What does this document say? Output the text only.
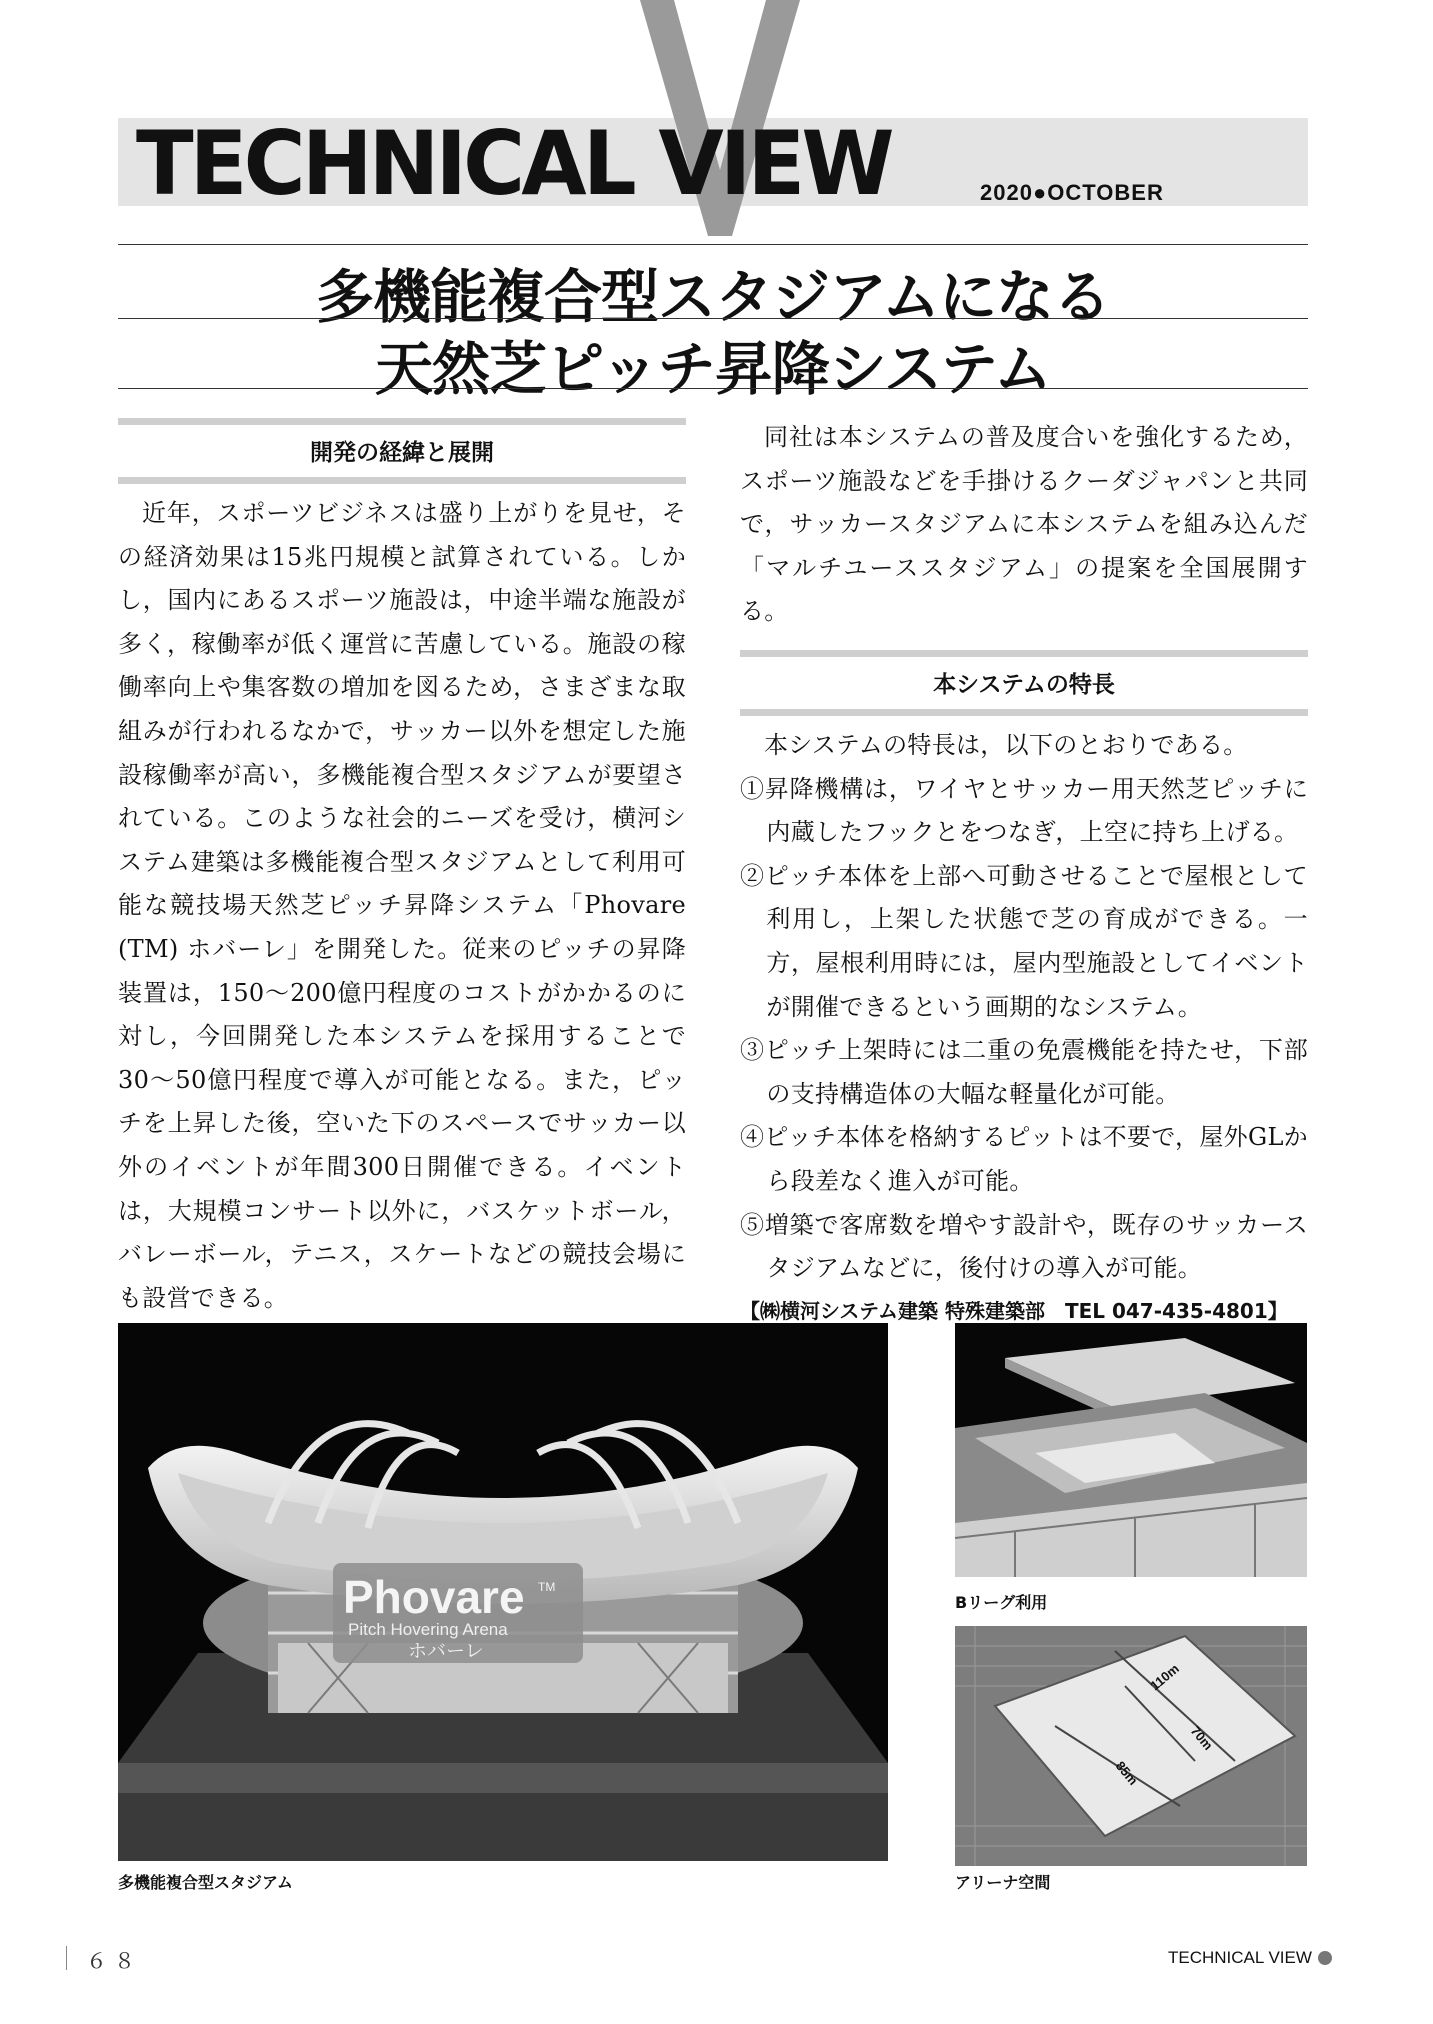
TECHNICAL VIEW	2020●OCTOBER
多機能複合型スタジアムになる
天然芝ピッチ昇降システム
開発の経緯と展開

近年，スポーツビジネスは盛り上がりを見せ，その経済効果は15兆円規模と試算されている。しかし，国内にあるスポーツ施設は，中途半端な施設が多く，稼働率が低く運営に苦慮している。施設の稼働率向上や集客数の増加を図るため，さまざまな取組みが行われるなかで，サッカー以外を想定した施設稼働率が高い，多機能複合型スタジアムが要望されている。このような社会的ニーズを受け，横河システム建築は多機能複合型スタジアムとして利用可能な競技場天然芝ピッチ昇降システム「Phovare (TM) ホバーレ」を開発した。従来のピッチの昇降装置は，150〜200億円程度のコストがかかるのに対し，今回開発した本システムを採用することで30〜50億円程度で導入が可能となる。また，ピッチを上昇した後，空いた下のスペースでサッカー以外のイベントが年間300日開催できる。イベントは，大規模コンサート以外に，バスケットボール，バレーボール，テニス，スケートなどの競技会場にも設営できる。

同社は本システムの普及度合いを強化するため，スポーツ施設などを手掛けるクーダジャパンと共同で，サッカースタジアムに本システムを組み込んだ「マルチユーススタジアム」の提案を全国展開する。

本システムの特長

本システムの特長は，以下のとおりである。

①昇降機構は，ワイヤとサッカー用天然芝ピッチに内蔵したフックとをつなぎ，上空に持ち上げる。
②ピッチ本体を上部へ可動させることで屋根として利用し，上架した状態で芝の育成ができる。一方，屋根利用時には，屋内型施設としてイベントが開催できるという画期的なシステム。
③ピッチ上架時には二重の免震機能を持たせ，下部の支持構造体の大幅な軽量化が可能。
④ピッチ本体を格納するピットは不要で，屋外GLから段差なく進入が可能。
⑤増築で客席数を増やす設計や，既存のサッカースタジアムなどに，後付けの導入が可能。
【㈱横河システム建築 特殊建築部　TEL 047-435-4801】
Phovare TM
Pitch Hovering Arena
ホバーレ
多機能複合型スタジアム
Bリーグ利用
110m
70m
85m
アリーナ空間
６８	TECHNICAL VIEW
